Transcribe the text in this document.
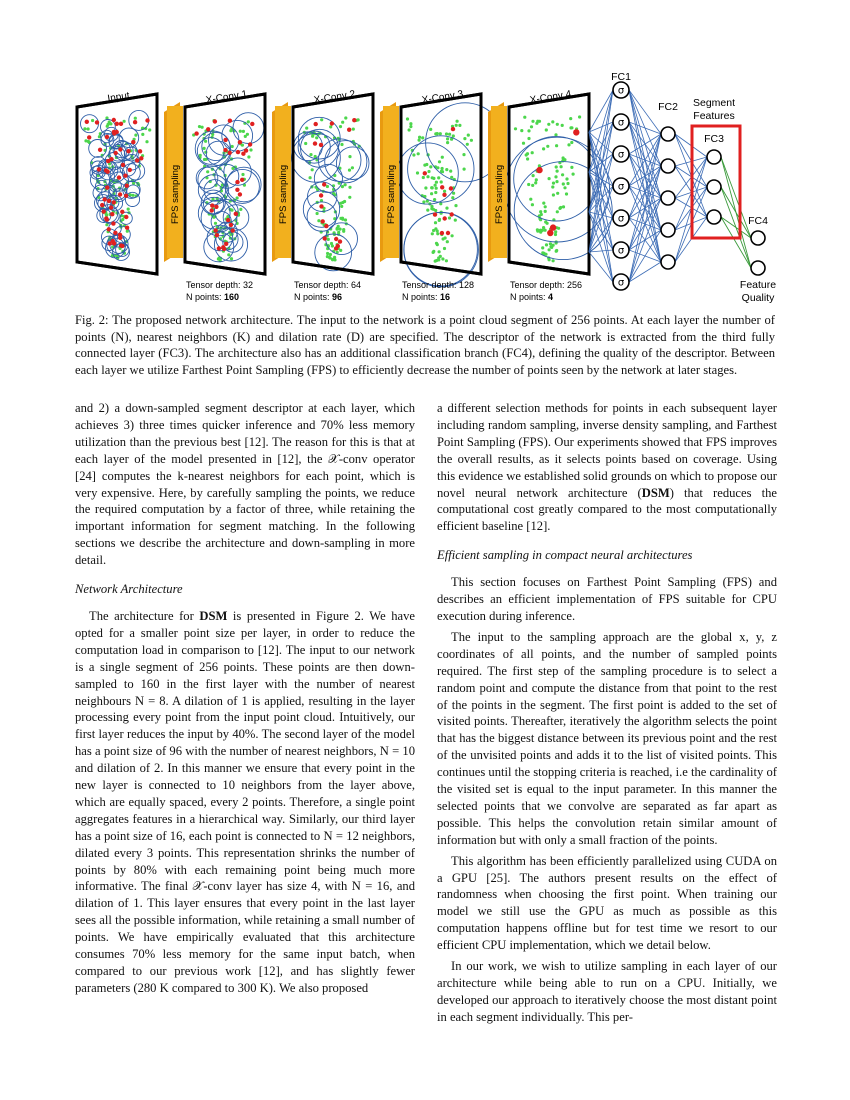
Input	X-Conv 1	X-Conv 2	X-Conv 3	X-Conv 4
FPS sampling	FPS sampling	FPS sampling	FPS sampling
Tensor depth: 32
N points: 160
Tensor depth: 64
N points: 96
Tensor depth: 128
N points: 16
Tensor depth: 256
N points: 4
σ
σ
σ
σ
σ
σ
σ
FC1
FC2 Segment
Features
FC3
FC4
Feature
Quality
Fig. 2: The proposed network architecture. The input to the network is a point cloud segment of 256 points. At each layer the number of points (N), nearest neighbors (K) and dilation rate (D) are specified. The descriptor of the network is extracted from the third fully connected layer (FC3). The architecture also has an additional classification branch (FC4), defining the quality of the descriptor. Between each layer we utilize Farthest Point Sampling (FPS) to efficiently decrease the number of points seen by the network at later stages.

and 2) a down-sampled segment descriptor at each layer, which achieves 3) three times quicker inference and 70% less memory utilization than the previous best [12]. The reason for this is that at each layer of the model presented in [12], the 𝒳-conv operator [24] computes the k-nearest neighbors for each point, which is very expensive. Here, by carefully sampling the points, we reduce the required computation by a factor of three, while retaining the important information for segment matching. In the following sections we describe the architecture and down-sampling in more detail.

Network Architecture

The architecture for DSM is presented in Figure 2. We have opted for a smaller point size per layer, in order to reduce the computation load in comparison to [12]. The input to our network is a single segment of 256 points. These points are then down-sampled to 160 in the first layer with the number of nearest neighbours N = 8. A dilation of 1 is applied, resulting in the layer processing every point from the input point cloud. Intuitively, our first layer reduces the input by 40%. The second layer of the model has a point size of 96 with the number of nearest neighbors, N = 10 and dilation of 2. In this manner we ensure that every point in the new layer is connected to 10 neighbors from the layer above, which are equally spaced, every 2 points. Therefore, a single point aggregates features in a hierarchical way. Similarly, our third layer has a point size of 16, each point is connected to N = 12 neighbors, dilated every 3 points. This representation shrinks the number of points by 80% with each remaining point being much more informative. The final 𝒳-conv layer has size 4, with N = 16, and dilation of 1. This layer ensures that every point in the last layer sees all the possible information, while retaining a small number of points. We have empirically evaluated that this architecture consumes 70% less memory for the same input batch, when compared to our previous work [12], and has slightly fewer parameters (280 K compared to 300 K). We also proposed

a different selection methods for points in each subsequent layer including random sampling, inverse density sampling, and Farthest Point Sampling (FPS). Our experiments showed that FPS improves the overall results, as it selects points based on coverage. Using this evidence we established solid grounds on which to propose our novel neural network architecture (DSM) that reduces the computational cost greatly compared to the most computationally efficient baseline [12].

Efficient sampling in compact neural architectures

This section focuses on Farthest Point Sampling (FPS) and describes an efficient implementation of FPS suitable for CPU execution during inference.

The input to the sampling approach are the global x, y, z coordinates of all points, and the number of sampled points required. The first step of the sampling procedure is to select a random point and compute the distance from that point to the rest of the points in the segment. The first point is added to the set of visited points. Thereafter, iteratively the algorithm selects the point that has the biggest distance between its previous point and the rest of the unvisited points and adds it to the list of visited points. This continues until the stopping criteria is reached, i.e the cardinality of the visited set is equal to the input parameter. In this manner the selected points that we convolve are separated as far apart as possible. This helps the convolution retain similar amount of information but with only a small fraction of the points.

This algorithm has been efficiently parallelized using CUDA on a GPU [25]. The authors present results on the effect of randomness when choosing the first point. When training our model we still use the GPU as much as possible as this computation happens offline but for test time we resort to our efficient CPU implementation, which we detail below.

In our work, we wish to utilize sampling in each layer of our architecture while being able to run on a CPU. Initially, we developed our approach to iteratively choose the most distant point in each segment individually. This per-
